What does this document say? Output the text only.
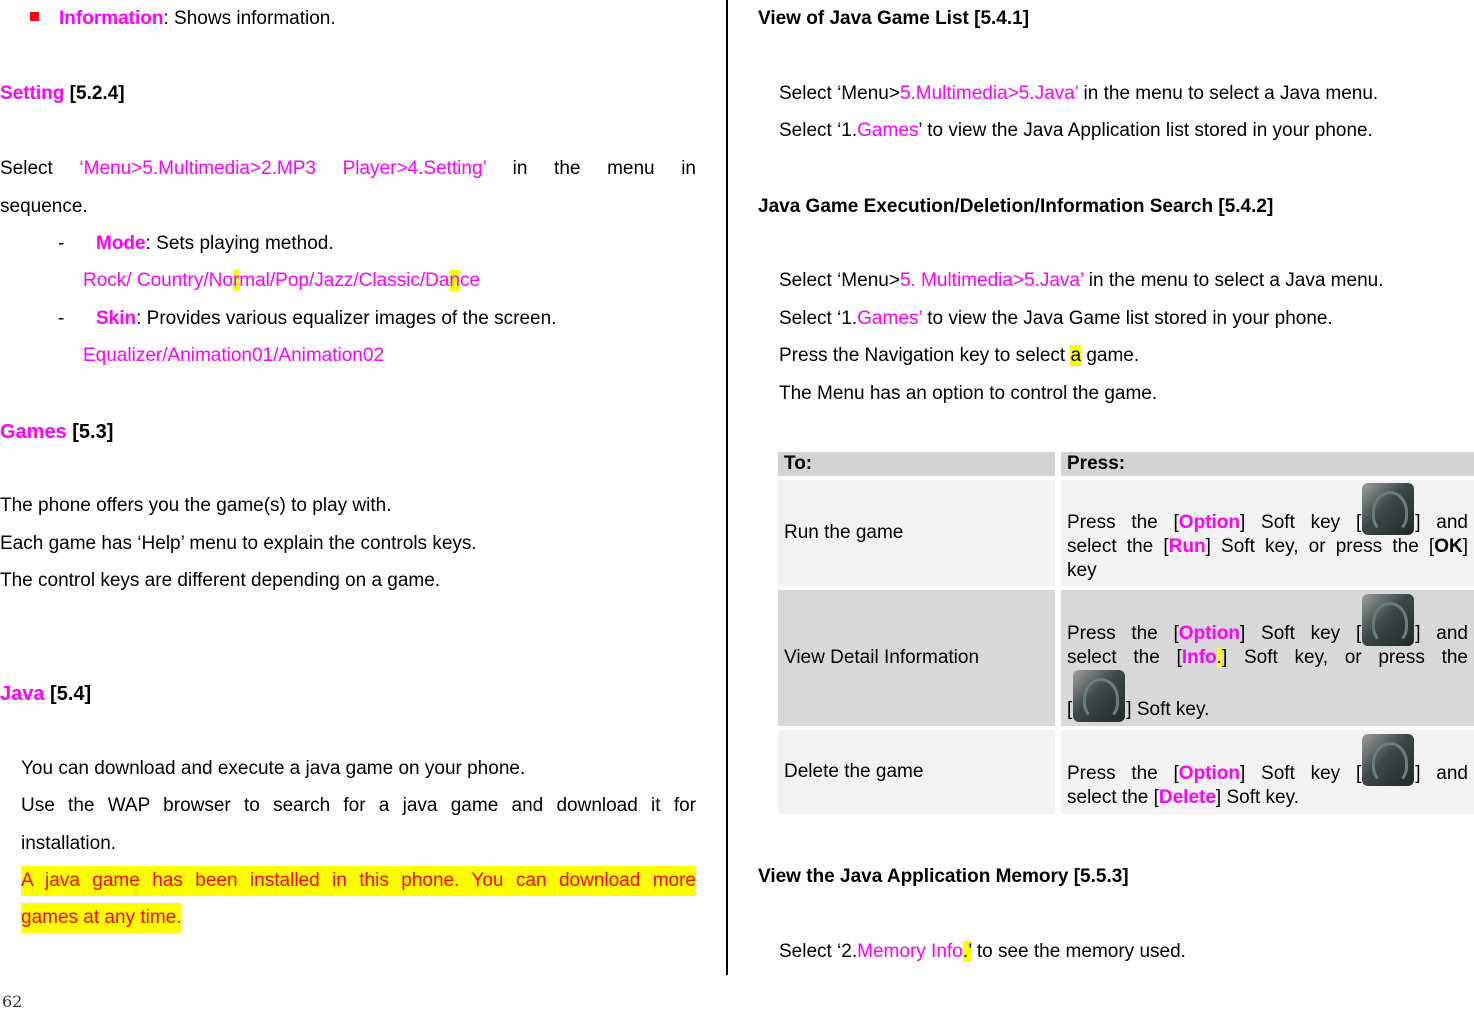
Information: Shows information.
Setting [5.2.4]
Select ‘Menu>5.Multimedia>2.MP3 Player>4.Setting’ in the menu in
sequence.
- Mode: Sets playing method.
Rock/ Country/Normal/Pop/Jazz/Classic/Dance
- Skin: Provides various equalizer images of the screen.
Equalizer/Animation01/Animation02
Games [5.3]
The phone offers you the game(s) to play with.
Each game has ‘Help’ menu to explain the controls keys.
The control keys are different depending on a game.
Java [5.4]
You can download and execute a java game on your phone.
Use the WAP browser to search for a java game and download it for
installation.
A java game has been installed in this phone. You can download more
games at any time.
View of Java Game List [5.4.1]
Select ‘Menu>5.Multimedia>5.Java’ in the menu to select a Java menu.
Select ‘1.Games’ to view the Java Application list stored in your phone.
Java Game Execution/Deletion/Information Search [5.4.2]
Select ‘Menu>5. Multimedia>5.Java’ in the menu to select a Java menu.
Select ‘1.Games’ to view the Java Game list stored in your phone.
Press the Navigation key to select a game.
The Menu has an option to control the game.
To:	Press:
Run the game	Press the [Option] Soft key [ ] and
select the [Run] Soft key, or press the [OK]
key

View Detail Information	Press the [Option] Soft key [ ] and
select the [Info.] Soft key, or press the
[ ] Soft key.

Delete the game	Press the [Option] Soft key [ ] and
select the [Delete] Soft key.
View the Java Application Memory [5.5.3]
Select ‘2.Memory Info.’ to see the memory used.
62
